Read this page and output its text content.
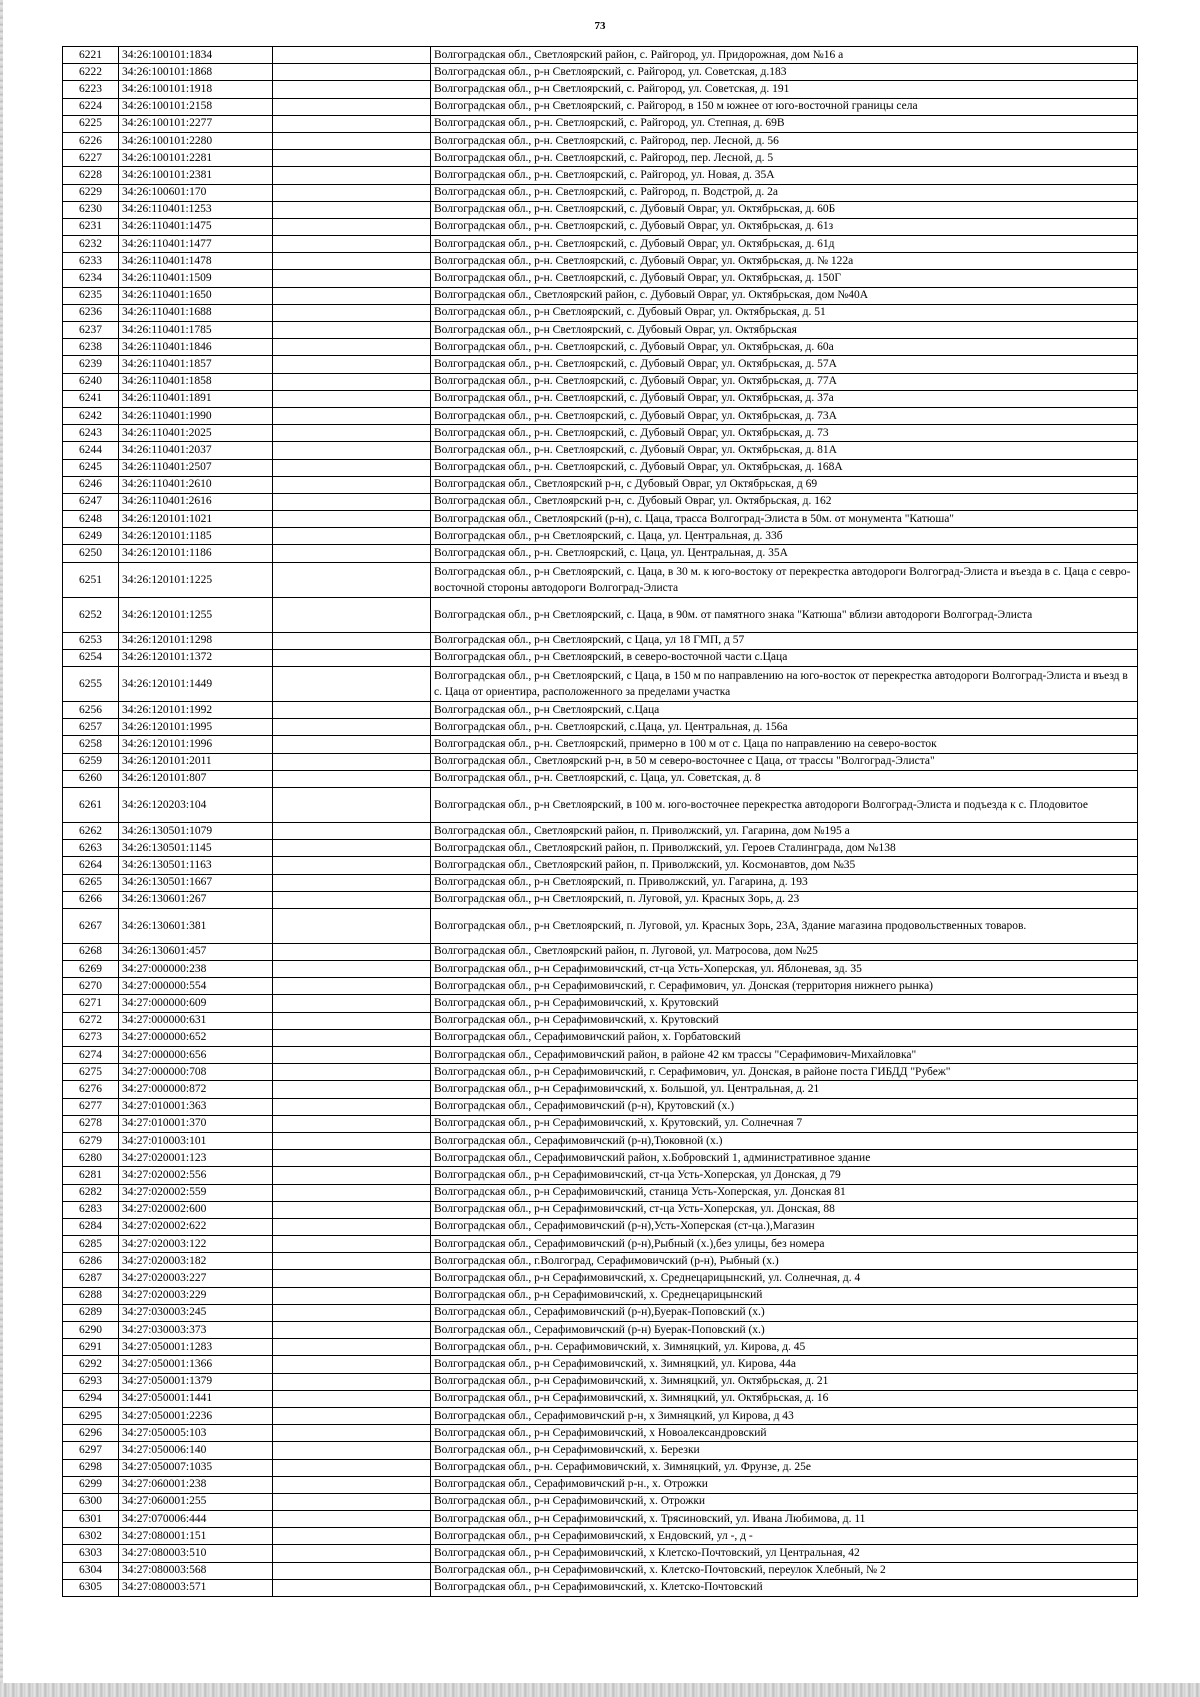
73
6221	34:26:100101:1834		Волгоградская обл., Светлоярский район, с. Райгород, ул. Придорожная, дом №16 а
6222	34:26:100101:1868		Волгоградская обл., р-н Светлоярский, с. Райгород, ул. Советская, д.183
6223	34:26:100101:1918		Волгоградская обл., р-н Светлоярский, с. Райгород, ул. Советская, д. 191
6224	34:26:100101:2158		Волгоградская обл., р-н Светлоярский, с. Райгород, в 150 м южнее от юго-восточной границы села
6225	34:26:100101:2277		Волгоградская обл., р-н. Светлоярский, с. Райгород, ул. Степная, д. 69В
6226	34:26:100101:2280		Волгоградская обл., р-н. Светлоярский, с. Райгород, пер. Лесной, д. 56
6227	34:26:100101:2281		Волгоградская обл., р-н. Светлоярский, с. Райгород, пер. Лесной, д. 5
6228	34:26:100101:2381		Волгоградская обл., р-н. Светлоярский, с. Райгород, ул. Новая, д. 35А
6229	34:26:100601:170		Волгоградская обл., р-н. Светлоярский, с. Райгород, п. Водстрой, д. 2а
6230	34:26:110401:1253		Волгоградская обл., р-н. Светлоярский, с. Дубовый Овраг, ул. Октябрьская, д. 60Б
6231	34:26:110401:1475		Волгоградская обл., р-н. Светлоярский, с. Дубовый Овраг, ул. Октябрьская, д. 61з
6232	34:26:110401:1477		Волгоградская обл., р-н. Светлоярский, с. Дубовый Овраг, ул. Октябрьская, д. 61д
6233	34:26:110401:1478		Волгоградская обл., р-н. Светлоярский, с. Дубовый Овраг, ул. Октябрьская, д. № 122а
6234	34:26:110401:1509		Волгоградская обл., р-н. Светлоярский, с. Дубовый Овраг, ул. Октябрьская, д. 150Г
6235	34:26:110401:1650		Волгоградская обл., Светлоярский район, с. Дубовый Овраг, ул. Октябрьская, дом №40А
6236	34:26:110401:1688		Волгоградская обл., р-н Светлоярский, с. Дубовый Овраг, ул. Октябрьская, д. 51
6237	34:26:110401:1785		Волгоградская обл., р-н Светлоярский, с. Дубовый Овраг, ул. Октябрьская
6238	34:26:110401:1846		Волгоградская обл., р-н. Светлоярский, с. Дубовый Овраг, ул. Октябрьская, д. 60а
6239	34:26:110401:1857		Волгоградская обл., р-н. Светлоярский, с. Дубовый Овраг, ул. Октябрьская, д. 57А
6240	34:26:110401:1858		Волгоградская обл., р-н. Светлоярский, с. Дубовый Овраг, ул. Октябрьская, д. 77А
6241	34:26:110401:1891		Волгоградская обл., р-н. Светлоярский, с. Дубовый Овраг, ул. Октябрьская, д. 37а
6242	34:26:110401:1990		Волгоградская обл., р-н. Светлоярский, с. Дубовый Овраг, ул. Октябрьская, д. 73А
6243	34:26:110401:2025		Волгоградская обл., р-н. Светлоярский, с. Дубовый Овраг, ул. Октябрьская, д. 73
6244	34:26:110401:2037		Волгоградская обл., р-н. Светлоярский, с. Дубовый Овраг, ул. Октябрьская, д. 81А
6245	34:26:110401:2507		Волгоградская обл., р-н. Светлоярский, с. Дубовый Овраг, ул. Октябрьская, д. 168А
6246	34:26:110401:2610		Волгоградская обл., Светлоярский р-н, с Дубовый Овраг, ул Октябрьская, д 69
6247	34:26:110401:2616		Волгоградская обл., Светлоярский р-н, с. Дубовый Овраг, ул. Октябрьская, д. 162
6248	34:26:120101:1021		Волгоградская обл., Светлоярский (р-н), с. Цаца, трасса Волгоград-Элиста в 50м. от монумента "Катюша"
6249	34:26:120101:1185		Волгоградская обл., р-н Светлоярский, с. Цаца, ул. Центральная, д. 33б
6250	34:26:120101:1186		Волгоградская обл., р-н. Светлоярский, с. Цаца, ул. Центральная, д. 35А
6251	34:26:120101:1225		Волгоградская обл., р-н Светлоярский, с. Цаца, в 30 м. к юго-востоку от перекрестка автодороги Волгоград-Элиста и въезда в с. Цаца с севро-восточной стороны автодороги Волгоград-Элиста
6252	34:26:120101:1255		Волгоградская обл., р-н Светлоярский, с. Цаца, в 90м. от памятного знака "Катюша" вблизи автодороги Волгоград-Элиста
6253	34:26:120101:1298		Волгоградская обл., р-н Светлоярский, с Цаца, ул 18 ГМП, д 57
6254	34:26:120101:1372		Волгоградская обл., р-н Светлоярский, в северо-восточной части с.Цаца
6255	34:26:120101:1449		Волгоградская обл., р-н Светлоярский, с Цаца, в 150 м по направлению на юго-восток от перекрестка автодороги Волгоград-Элиста и въезд в с. Цаца от ориентира, расположенного за пределами участка
6256	34:26:120101:1992		Волгоградская обл., р-н Светлоярский, с.Цаца
6257	34:26:120101:1995		Волгоградская обл., р-н. Светлоярский, с.Цаца, ул. Центральная, д. 156а
6258	34:26:120101:1996		Волгоградская обл., р-н. Светлоярский, примерно в 100 м от с. Цаца по направлению на северо-восток
6259	34:26:120101:2011		Волгоградская обл., Светлоярский р-н, в 50 м северо-восточнее с Цаца, от трассы "Волгоград-Элиста"
6260	34:26:120101:807		Волгоградская обл., р-н. Светлоярский, с. Цаца, ул. Советская, д. 8
6261	34:26:120203:104		Волгоградская обл., р-н Светлоярский, в 100 м. юго-восточнее перекрестка автодороги Волгоград-Элиста и подъезда к с. Плодовитое
6262	34:26:130501:1079		Волгоградская обл., Светлоярский район, п. Приволжский, ул. Гагарина, дом №195 а
6263	34:26:130501:1145		Волгоградская обл., Светлоярский район, п. Приволжский, ул. Героев Сталинграда, дом №138
6264	34:26:130501:1163		Волгоградская обл., Светлоярский район, п. Приволжский, ул. Космонавтов, дом №35
6265	34:26:130501:1667		Волгоградская обл., р-н Светлоярский, п. Приволжский, ул. Гагарина, д. 193
6266	34:26:130601:267		Волгоградская обл., р-н Светлоярский, п. Луговой, ул. Красных Зорь, д. 23
6267	34:26:130601:381		Волгоградская обл., р-н Светлоярский, п. Луговой, ул. Красных Зорь, 23А, Здание магазина продовольственных товаров.
6268	34:26:130601:457		Волгоградская обл., Светлоярский район, п. Луговой, ул. Матросова, дом №25
6269	34:27:000000:238		Волгоградская обл., р-н Серафимовичский, ст-ца Усть-Хоперская, ул. Яблоневая, зд. 35
6270	34:27:000000:554		Волгоградская обл., р-н Серафимовичский, г. Серафимович, ул. Донская (территория нижнего рынка)
6271	34:27:000000:609		Волгоградская обл., р-н Серафимовичский, х. Крутовский
6272	34:27:000000:631		Волгоградская обл., р-н Серафимовичский, х. Крутовский
6273	34:27:000000:652		Волгоградская обл., Серафимовичский район, х. Горбатовский
6274	34:27:000000:656		Волгоградская обл., Серафимовичский район, в районе 42 км трассы "Серафимович-Михайловка"
6275	34:27:000000:708		Волгоградская обл., р-н Серафимовичский, г. Серафимович, ул. Донская, в районе поста ГИБДД "Рубеж"
6276	34:27:000000:872		Волгоградская обл., р-н Серафимовичский, х. Большой, ул. Центральная, д. 21
6277	34:27:010001:363		Волгоградская обл., Серафимовичский (р-н), Крутовский (х.)
6278	34:27:010001:370		Волгоградская обл., р-н Серафимовичский, х. Крутовский, ул. Солнечная 7
6279	34:27:010003:101		Волгоградская обл., Серафимовичский (р-н),Тюковной (х.)
6280	34:27:020001:123		Волгоградская обл., Серафимовичский район, х.Бобровский 1, административное здание
6281	34:27:020002:556		Волгоградская обл., р-н Серафимовичский, ст-ца Усть-Хоперская, ул Донская, д 79
6282	34:27:020002:559		Волгоградская обл., р-н Серафимовичский, станица Усть-Хоперская, ул. Донская 81
6283	34:27:020002:600		Волгоградская обл., р-н Серафимовичский, ст-ца Усть-Хоперская, ул. Донская, 88
6284	34:27:020002:622		Волгоградская обл., Серафимовичский (р-н),Усть-Хоперская (ст-ца.),Магазин
6285	34:27:020003:122		Волгоградская обл., Серафимовичский (р-н),Рыбный (х.),без улицы, без номера
6286	34:27:020003:182		Волгоградская обл., г.Волгоград, Серафимовичский (р-н), Рыбный (х.)
6287	34:27:020003:227		Волгоградская обл., р-н Серафимовичский, х. Среднецарицынский, ул. Солнечная, д. 4
6288	34:27:020003:229		Волгоградская обл., р-н Серафимовичский, х. Среднецарицынский
6289	34:27:030003:245		Волгоградская обл., Серафимовичский (р-н),Буерак-Поповский (х.)
6290	34:27:030003:373		Волгоградская обл., Серафимовичский (р-н) Буерак-Поповский (х.)
6291	34:27:050001:1283		Волгоградская обл., р-н. Серафимовичский, х. Зимняцкий, ул. Кирова, д. 45
6292	34:27:050001:1366		Волгоградская обл., р-н Серафимовичский, х. Зимняцкий, ул. Кирова, 44а
6293	34:27:050001:1379		Волгоградская обл., р-н Серафимовичский, х. Зимняцкий, ул. Октябрьская, д. 21
6294	34:27:050001:1441		Волгоградская обл., р-н Серафимовичский, х. Зимняцкий, ул. Октябрьская, д. 16
6295	34:27:050001:2236		Волгоградская обл., Серафимовичский р-н, х Зимняцкий, ул Кирова, д 43
6296	34:27:050005:103		Волгоградская обл., р-н Серафимовичский, х Новоалександровский
6297	34:27:050006:140		Волгоградская обл., р-н Серафимовичский, х. Березки
6298	34:27:050007:1035		Волгоградская обл., р-н. Серафимовичский, х. Зимняцкий, ул. Фрунзе, д. 25е
6299	34:27:060001:238		Волгоградская обл., Серафимовичский р-н., х. Отрожки
6300	34:27:060001:255		Волгоградская обл., р-н Серафимовичский, х. Отрожки
6301	34:27:070006:444		Волгоградская обл., р-н Серафимовичский, х. Трясиновский, ул. Ивана Любимова, д. 11
6302	34:27:080001:151		Волгоградская обл., р-н Серафимовичский, х Ендовский, ул -, д -
6303	34:27:080003:510		Волгоградская обл., р-н Серафимовичский, х Клетско-Почтовский, ул Центральная, 42
6304	34:27:080003:568		Волгоградская обл., р-н Серафимовичский, х. Клетско-Почтовский, переулок Хлебный, № 2
6305	34:27:080003:571		Волгоградская обл., р-н Серафимовичский, х. Клетско-Почтовский
